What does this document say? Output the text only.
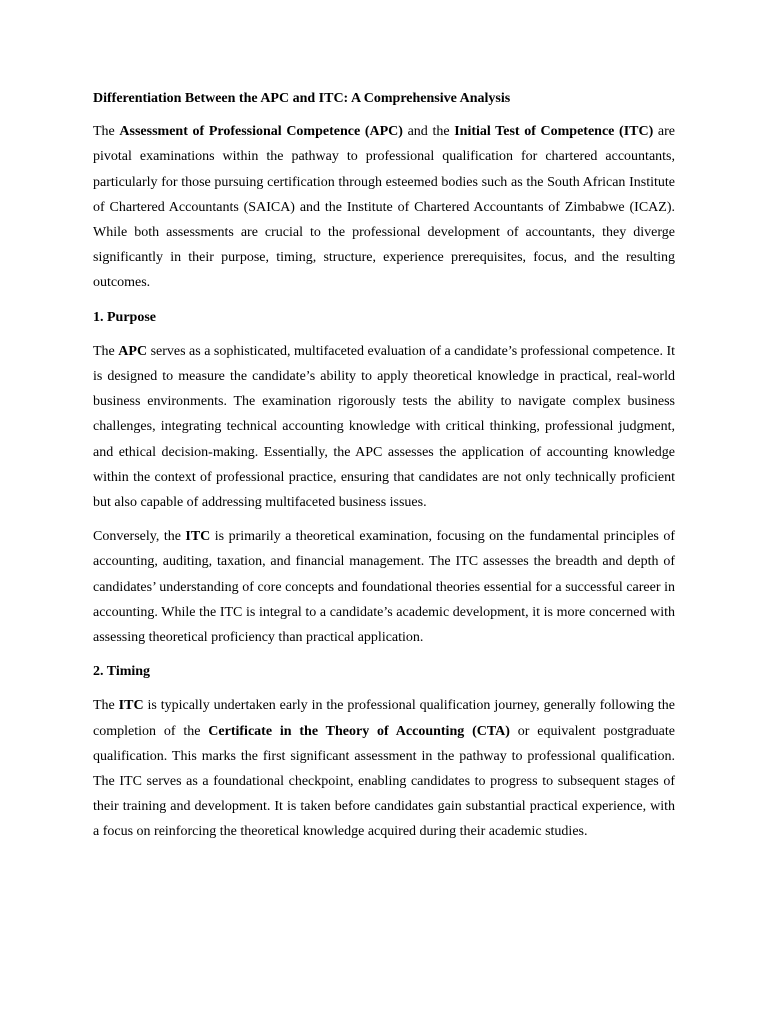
Differentiation Between the APC and ITC: A Comprehensive Analysis

The Assessment of Professional Competence (APC) and the Initial Test of Competence (ITC) are pivotal examinations within the pathway to professional qualification for chartered accountants, particularly for those pursuing certification through esteemed bodies such as the South African Institute of Chartered Accountants (SAICA) and the Institute of Chartered Accountants of Zimbabwe (ICAZ). While both assessments are crucial to the professional development of accountants, they diverge significantly in their purpose, timing, structure, experience prerequisites, focus, and the resulting outcomes.

1. Purpose

The APC serves as a sophisticated, multifaceted evaluation of a candidate’s professional competence. It is designed to measure the candidate’s ability to apply theoretical knowledge in practical, real-world business environments. The examination rigorously tests the ability to navigate complex business challenges, integrating technical accounting knowledge with critical thinking, professional judgment, and ethical decision-making. Essentially, the APC assesses the application of accounting knowledge within the context of professional practice, ensuring that candidates are not only technically proficient but also capable of addressing multifaceted business issues.

Conversely, the ITC is primarily a theoretical examination, focusing on the fundamental principles of accounting, auditing, taxation, and financial management. The ITC assesses the breadth and depth of candidates’ understanding of core concepts and foundational theories essential for a successful career in accounting. While the ITC is integral to a candidate’s academic development, it is more concerned with assessing theoretical proficiency than practical application.

2. Timing

The ITC is typically undertaken early in the professional qualification journey, generally following the completion of the Certificate in the Theory of Accounting (CTA) or equivalent postgraduate qualification. This marks the first significant assessment in the pathway to professional qualification. The ITC serves as a foundational checkpoint, enabling candidates to progress to subsequent stages of their training and development. It is taken before candidates gain substantial practical experience, with a focus on reinforcing the theoretical knowledge acquired during their academic studies.
